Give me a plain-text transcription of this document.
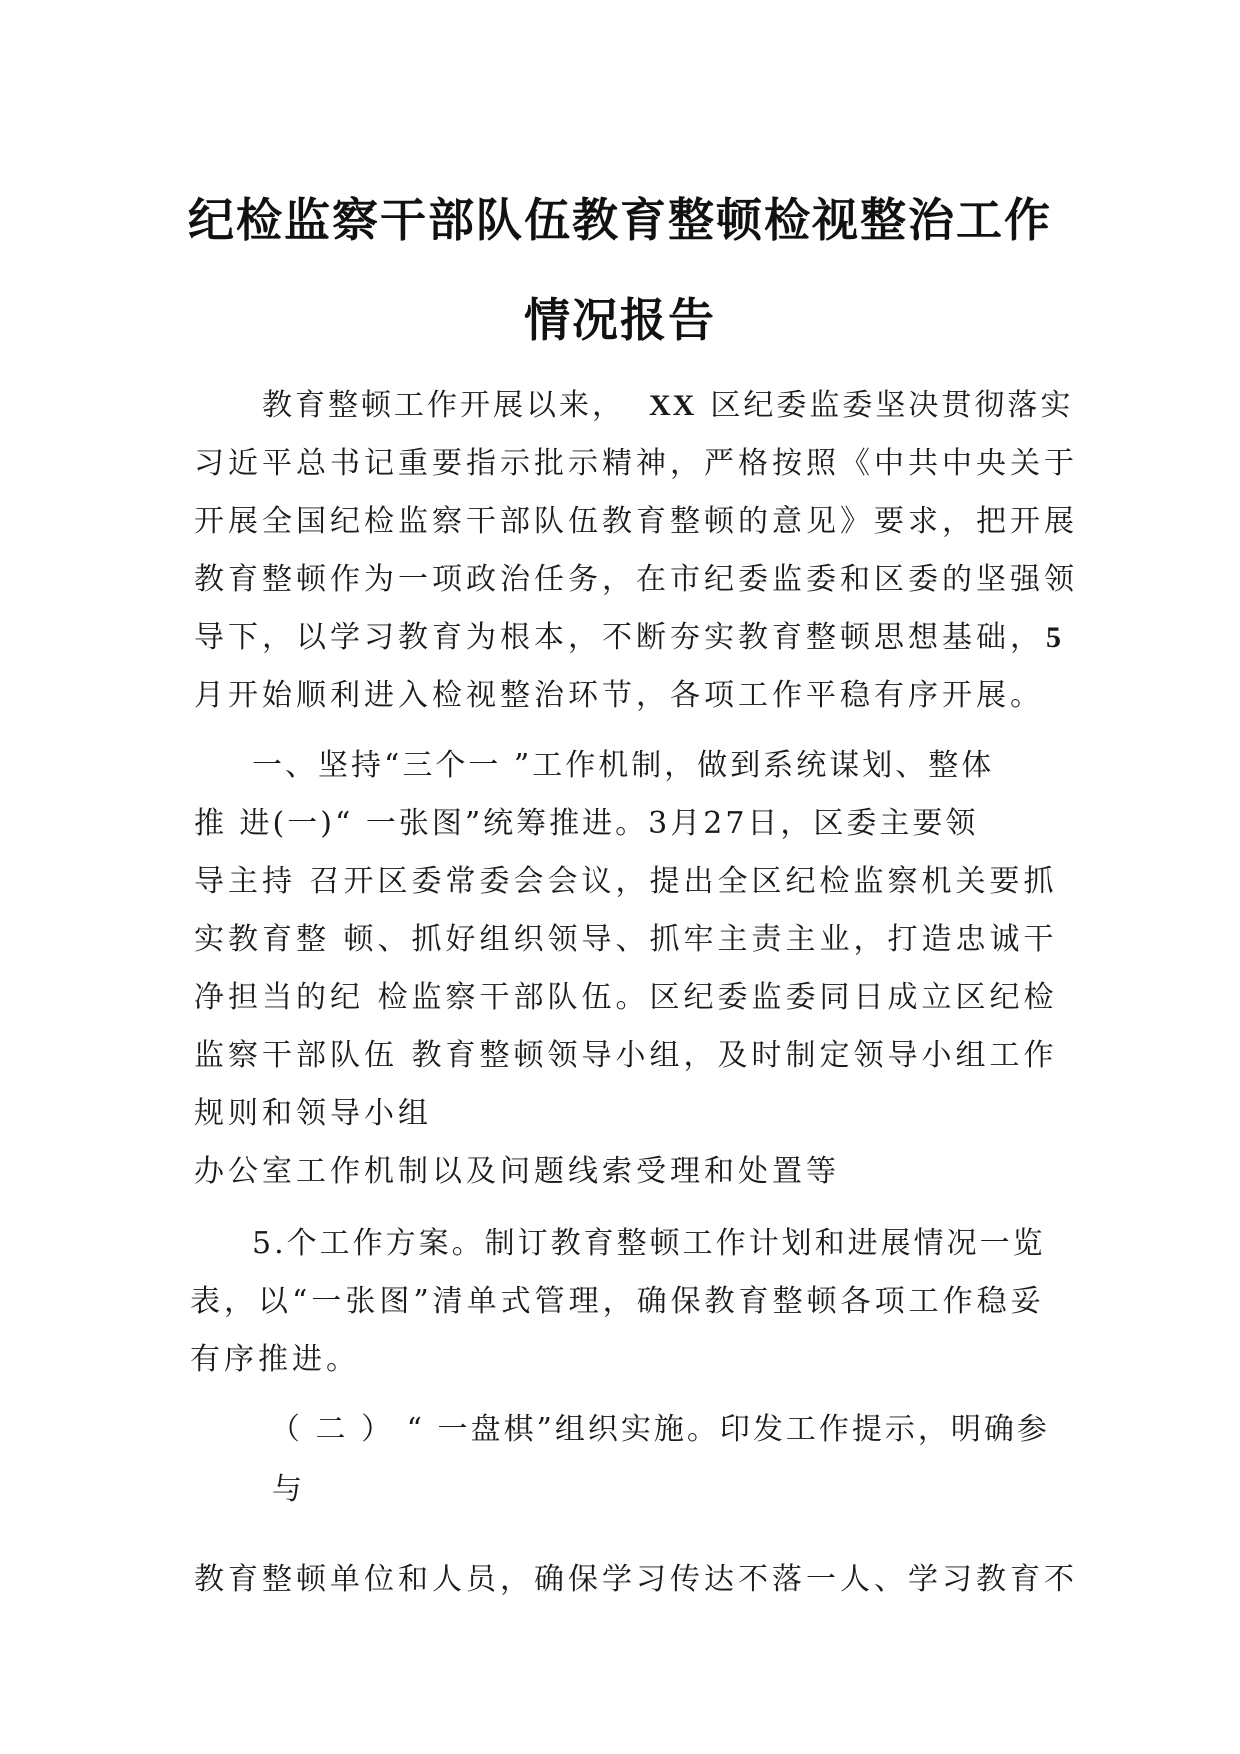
纪检监察干部队伍教育整顿检视整治工作
情况报告
教育整顿工作开展以来， XX 区纪委监委坚决贯彻落实
习近平总书记重要指示批示精神，严格按照《中共中央关于
开展全国纪检监察干部队伍教育整顿的意见》要求，把开展
教育整顿作为一项政治任务，在市纪委监委和区委的坚强领
导下，以学习教育为根本，不断夯实教育整顿思想基础，5
月开始顺利进入检视整治环节，各项工作平稳有序开展。
一、坚持“三个一 ”工作机制，做到系统谋划、整体
推 进(一)“ 一张图”统筹推进。3月27日，区委主要领
导主持 召开区委常委会会议，提出全区纪检监察机关要抓
实教育整 顿、抓好组织领导、抓牢主责主业，打造忠诚干
净担当的纪 检监察干部队伍。区纪委监委同日成立区纪检
监察干部队伍 教育整顿领导小组，及时制定领导小组工作
规则和领导小组
办公室工作机制以及问题线索受理和处置等
5.个工作方案。制订教育整顿工作计划和进展情况一览
表，以“一张图”清单式管理，确保教育整顿各项工作稳妥
有序推进。
（ 二 ） “ 一盘棋”组织实施。印发工作提示，明确参
与
教育整顿单位和人员，确保学习传达不落一人、学习教育不
